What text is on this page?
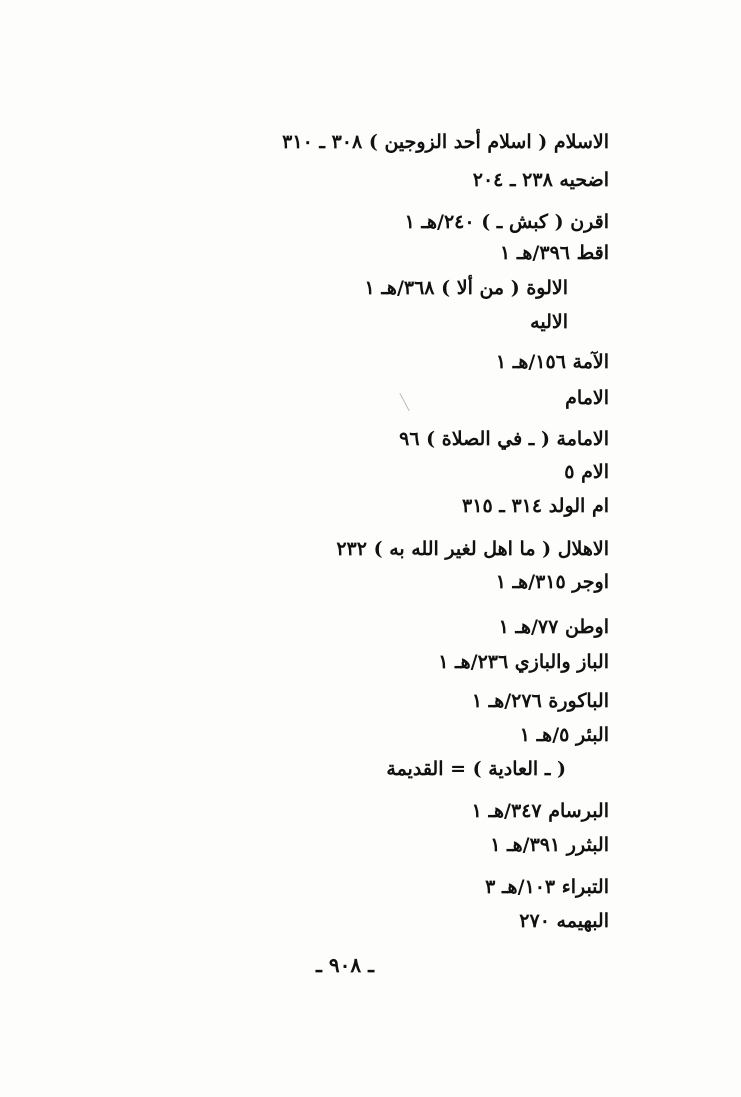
الاسلام ( اسلام أحد الزوجين ) ٣٠٨ ـ ٣١٠
اضحيه ٢٣٨ ـ ٢٠٤
اقرن ( كبش ـ ) ٢٤٠/هـ ١
اقط ٣٩٦/هـ ١
الالوة ( من ألا ) ٣٦٨/هـ ١
الاليه
الآمة ١٥٦/هـ ١
الامام
الامامة ( ـ في الصلاة ) ٩٦
الام ٥
ام الولد ٣١٤ ـ ٣١٥
الاهلال ( ما اهل لغير الله به ) ٢٣٢
اوجر ٣١٥/هـ ١
اوطن ٧٧/هـ ١
الباز والبازي ٢٣٦/هـ ١
الباكورة ٢٧٦/هـ ١
البئر ٥/هـ ١
( ـ العادية ) = القديمة
البرسام ٣٤٧/هـ ١
البثرر ٣٩١/هـ ١
التبراء ١٠٣/هـ ٣
البهيمه ٢٧٠
ـ ٩٠٨ ـ
